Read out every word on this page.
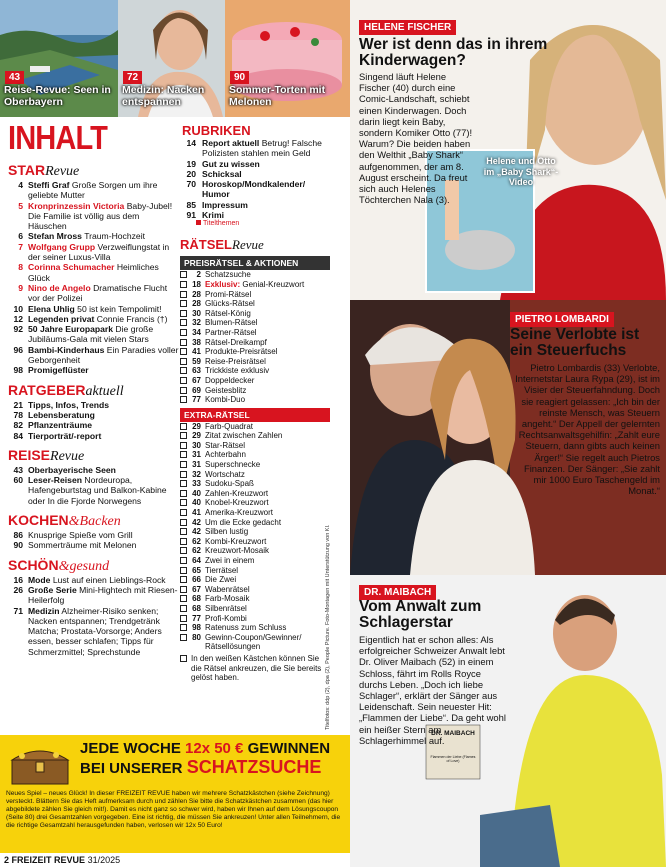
43
Reise-Revue: Seen in Oberbayern
72
Medizin: Nacken entspannen
90
Sommer-Torten mit Melonen
INHALT
STARRevue
4 Steffi Graf Große Sorgen um ihre geliebte Mutter
5 Kronprinzessin Victoria Baby-Jubel! Die Familie ist völlig aus dem Häuschen
6 Stefan Mross Traum-Hochzeit
7 Wolfgang Grupp Verzweiflungstat in der seiner Luxus-Villa
8 Corinna Schumacher Heimliches Glück
9 Nino de Angelo Dramatische Flucht vor der Polizei
10 Elena Uhlig 50 ist kein Tempolimit!
12 Legenden privat Connie Francis (†)
92 50 Jahre Europapark Die große Jubiläums-Gala mit vielen Stars
96 Bambi-Kinderhaus Ein Paradies voller Geborgenheit
98 Promigeflüster
RATGEBERaktuell
21 Tipps, Infos, Trends
78 Lebensberatung
82 Pflanzenträume
84 Tierporträt/-report
REISERevue
43 Oberbayerische Seen
60 Leser-Reisen Nordeuropa, Hafengeburtstag und Balkon-Kabine oder In die Fjorde Norwegens
KOCHEN&Backen
86 Knusprige Spieße vom Grill
90 Sommerträume mit Melonen
SCHÖN&gesund
16 Mode Lust auf einen Lieblings-Rock
26 Große Serie Mini-Hightech mit Riesen-Heilerfolg
71 Medizin Alzheimer-Risiko senken; Nacken entspannen; Trendgetränk Matcha; Prostata-Vorsorge; Anders essen, besser schlafen; Tipps für Schmerzmittel; Sprechstunde
RUBRIKEN
14 Report aktuell Betrug! Falsche Polizisten stahlen mein Geld
19 Gut zu wissen
20 Schicksal
70 Horoskop/Mondkalender/ Humor
85 Impressum
91 Krimi
Titelthemen
RÄTSELRevue
PREISRÄTSEL & AKTIONEN
2 Schatzsuche
18 Exklusiv: Genial-Kreuzwort
28 Promi-Rätsel
28 Glücks-Rätsel
30 Rätsel-König
32 Blumen-Rätsel
34 Partner-Rätsel
38 Rätsel-Dreikampf
41 Produkte-Preisrätsel
59 Reise-Preisrätsel
63 Trickkiste exklusiv
67 Doppeldecker
69 Geistesblitz
77 Kombi-Duo
EXTRA-RÄTSEL
29 Farb-Quadrat
29 Zitat zwischen Zahlen
30 Star-Rätsel
31 Achterbahn
31 Superschnecke
32 Wortschatz
33 Sudoku-Spaß
40 Zahlen-Kreuzwort
40 Knobel-Kreuzwort
41 Amerika-Kreuzwort
42 Um die Ecke gedacht
42 Silben lustig
62 Kombi-Kreuzwort
62 Kreuzwort-Mosaik
64 Zwei in einem
65 Tierrätsel
66 Die Zwei
67 Wabenrätsel
68 Farb-Mosaik
68 Silbenrätsel
77 Profi-Kombi
98 Ratenuss zum Schluss
80 Gewinn-Coupon/Gewinner/ Rätsellösungen
In den weißen Kästchen können Sie die Rätsel ankreuzen, die Sie bereits gelöst haben.	Titelfotos: ddp (2), dpa (2), People Picture. Foto-Montagen mit Unterstützung von KI.
JEDE WOCHE 12x 50 € GEWINNEN
BEI UNSERER SCHATZSUCHE
Neues Spiel – neues Glück! In dieser FREIZEIT REVUE haben wir mehrere Schatzkästchen (siehe Zeichnung) versteckt. Blättern Sie das Heft aufmerksam durch und zählen Sie bitte die Schatzkästchen zusammen (das hier abgebildete zählen Sie gleich mit!). Damit es nicht ganz so schwer wird, haben wir Ihnen auf dem Lösungscoupon (Seite 80) drei Gesamtzahlen vorgegeben. Eine ist richtig, die müssen Sie ankreuzen! Unter allen Teilnehmern, die die richtige Gesamtzahl herausgefunden haben, verlosen wir 12x 50 Euro!
2 FREIZEIT REVUE 31/2025
HELENE FISCHER
Wer ist denn das in ihrem Kinderwagen?
Singend läuft Helene Fischer (40) durch eine Comic-Landschaft, schiebt einen Kinderwagen. Doch darin liegt kein Baby, sondern Komiker Otto (77)! Warum? Die beiden haben den Welthit „Baby Shark“ aufgenommen, der am 8. August erscheint. Da freut sich auch Helenes Töchterchen Nala (3).
Helene und Otto im „Baby Shark“-Video
PIETRO LOMBARDI
Seine Verlobte ist ein Steuerfuchs
Pietro Lombardis (33) Verlobte, Internetstar Laura Rypa (29), ist im Visier der Steuerfahndung. Doch sie reagiert gelassen: „Ich bin der reinste Mensch, was Steuern angeht.“ Der Appell der gelernten Rechtsanwaltsgehilfin: „Zahlt eure Steuern, dann gibts auch keinen Ärger!“ Sie regelt auch Pietros Finanzen. Der Sänger: „Sie zahlt mir 1000 Euro Taschengeld im Monat.“
DR. MAIBACH
Vom Anwalt zum Schlagerstar
Eigentlich hat er schon alles: Als erfolgreicher Schweizer Anwalt lebt Dr. Oliver Maibach (52) in einem Schloss, fährt im Rolls Royce durchs Leben. „Doch ich liebe Schlager“, erklärt der Sänger aus Leidenschaft. Sein neuester Hit: „Flammen der Liebe“. Da geht wohl ein heißer Stern am Schlagerhimmel auf.
DR. MAIBACH
Flammen der Liebe (Flames of Love)
